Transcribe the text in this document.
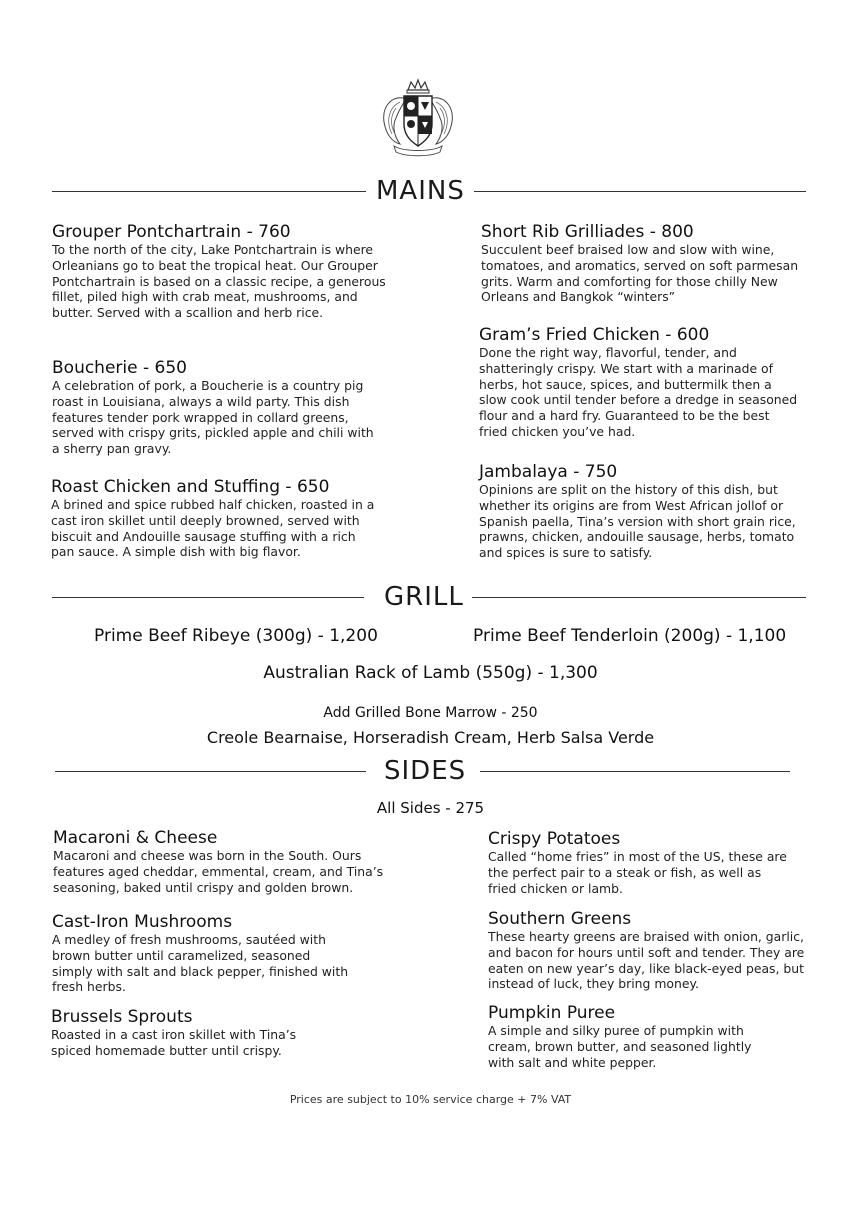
MAINS
Grouper Pontchartrain - 760
To the north of the city, Lake Pontchartrain is where Orleanians go to beat the tropical heat. Our Grouper Pontchartrain is based on a classic recipe, a generous fillet, piled high with crab meat, mushrooms, and butter. Served with a scallion and herb rice.
Boucherie - 650
A celebration of pork, a Boucherie is a country pig roast in Louisiana, always a wild party. This dish features tender pork wrapped in collard greens, served with crispy grits, pickled apple and chili with a sherry pan gravy.
Roast Chicken and Stuffing - 650
A brined and spice rubbed half chicken, roasted in a cast iron skillet until deeply browned, served with biscuit and Andouille sausage stuffing with a rich pan sauce. A simple dish with big flavor.
Short Rib Grilliades - 800
Succulent beef braised low and slow with wine, tomatoes, and aromatics, served on soft parmesan grits. Warm and comforting for those chilly New Orleans and Bangkok “winters”
Gram’s Fried Chicken - 600
Done the right way, flavorful, tender, and shatteringly crispy. We start with a marinade of herbs, hot sauce, spices, and buttermilk then a slow cook until tender before a dredge in seasoned flour and a hard fry. Guaranteed to be the best fried chicken you’ve had.
Jambalaya - 750
Opinions are split on the history of this dish, but whether its origins are from West African jollof or Spanish paella, Tina’s version with short grain rice, prawns, chicken, andouille sausage, herbs, tomato and spices is sure to satisfy.
GRILL
Prime Beef Ribeye (300g) - 1,200	Prime Beef Tenderloin (200g) - 1,100
Australian Rack of Lamb (550g) - 1,300
Add Grilled Bone Marrow - 250
Creole Bearnaise, Horseradish Cream, Herb Salsa Verde
SIDES
All Sides - 275
Macaroni & Cheese
Macaroni and cheese was born in the South. Ours features aged cheddar, emmental, cream, and Tina’s seasoning, baked until crispy and golden brown.
Cast-Iron Mushrooms
A medley of fresh mushrooms, sautéed with brown butter until caramelized, seasoned simply with salt and black pepper, finished with fresh herbs.
Brussels Sprouts
Roasted in a cast iron skillet with Tina’s spiced homemade butter until crispy.
Crispy Potatoes
Called “home fries” in most of the US, these are the perfect pair to a steak or fish, as well as fried chicken or lamb.
Southern Greens
These hearty greens are braised with onion, garlic, and bacon for hours until soft and tender. They are eaten on new year’s day, like black-eyed peas, but instead of luck, they bring money.
Pumpkin Puree
A simple and silky puree of pumpkin with cream, brown butter, and seasoned lightly with salt and white pepper.
Prices are subject to 10% service charge + 7% VAT
